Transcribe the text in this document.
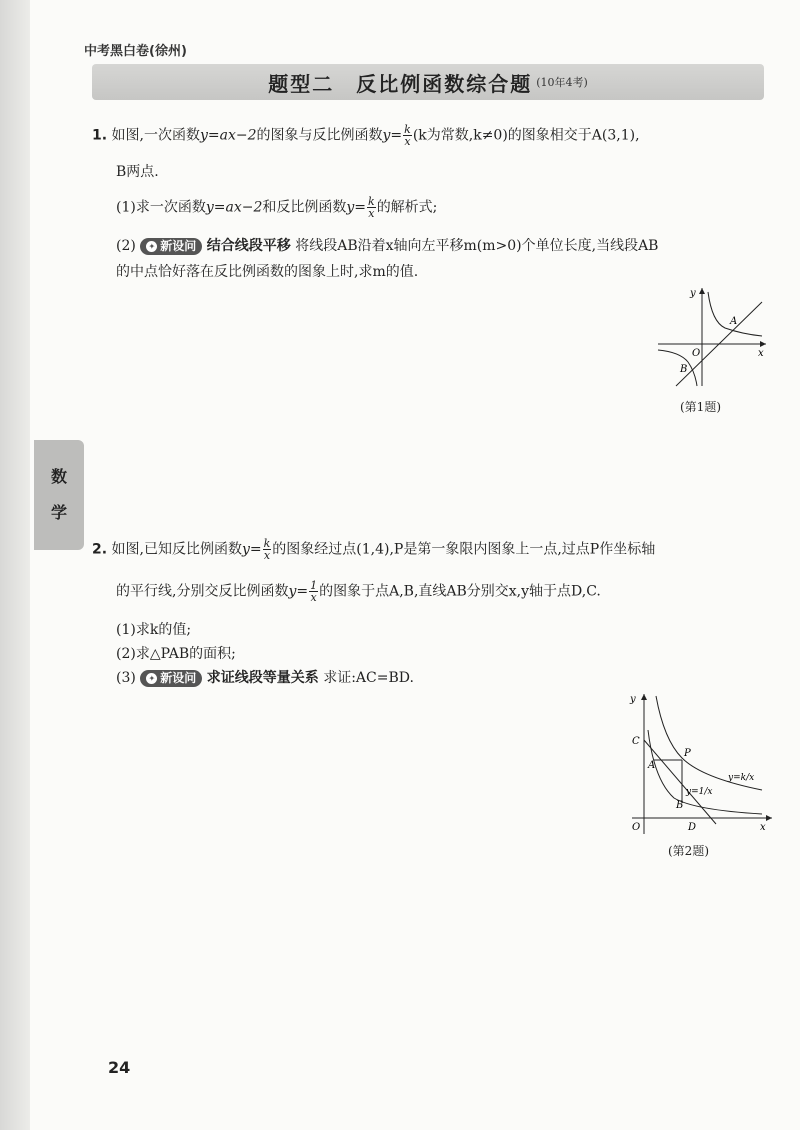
中考黑白卷(徐州)
题型二　反比例函数综合题 (10年4考)
数
学
1. 如图,一次函数y=ax−2的图象与反比例函数$y= \frac{k}{x} (k$为常数,k≠0)的图象相交于A(3,1),
B两点.
(1)求一次函数y=ax−2和反比例函数$y= \frac{k}{x}$ 的解析式;
(2) ✦ 新设问 结合线段平移 将线段AB沿着x轴向左平移m(m>0)个单位长度,当线段AB
的中点恰好落在反比例函数的图象上时,求m的值.
y
x
O
A
B
(第1题)
2. 如图,已知反比例函数$y= \frac{k}{x}$ 的图象经过点(1,4),P是第一象限内图象上一点,过点P作坐标轴
的平行线,分别交反比例函数$y= \frac{1}{x}$ 的图象于点A,B,直线AB分别交x,y轴于点D,C.
(1)求k的值;
(2)求△PAB的面积;
(3) ✦ 新设问 求证线段等量关系 求证:AC=BD.
y
x
O
C
A
P
B
D
y=k/x
y=1/x
(第2题)
24
